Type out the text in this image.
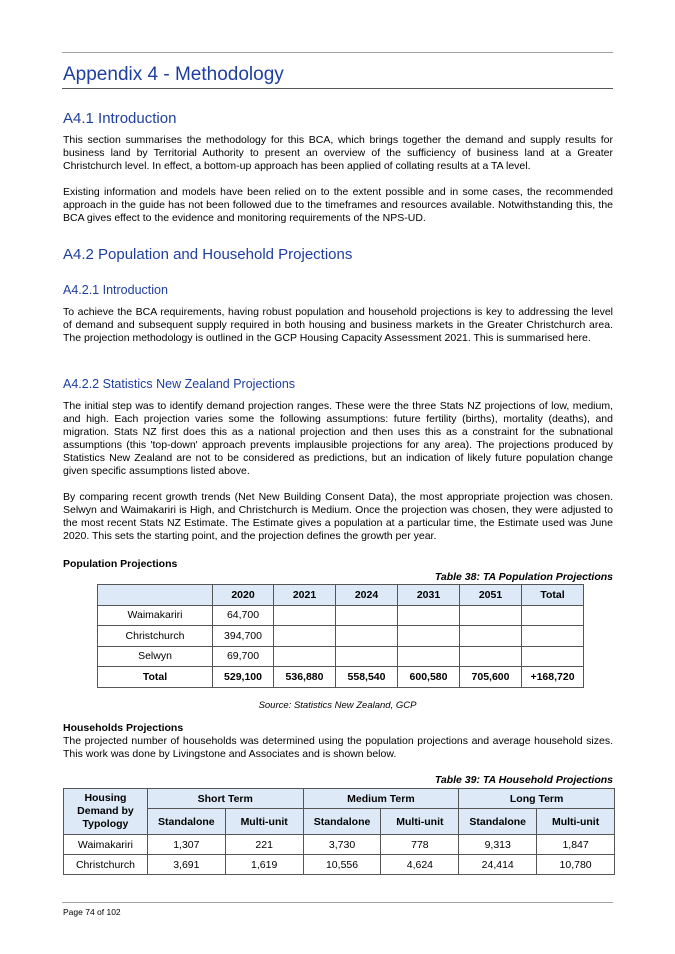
Appendix 4 - Methodology
A4.1 Introduction

This section summarises the methodology for this BCA, which brings together the demand and supply results for business land by Territorial Authority to present an overview of the sufficiency of business land at a Greater Christchurch level. In effect, a bottom-up approach has been applied of collating results at a TA level.

Existing information and models have been relied on to the extent possible and in some cases, the recommended approach in the guide has not been followed due to the timeframes and resources available. Notwithstanding this, the BCA gives effect to the evidence and monitoring requirements of the NPS-UD.

A4.2 Population and Household Projections
A4.2.1 Introduction

To achieve the BCA requirements, having robust population and household projections is key to addressing the level of demand and subsequent supply required in both housing and business markets in the Greater Christchurch area. The projection methodology is outlined in the GCP Housing Capacity Assessment 2021. This is summarised here.

A4.2.2 Statistics New Zealand Projections

The initial step was to identify demand projection ranges. These were the three Stats NZ projections of low, medium, and high. Each projection varies some the following assumptions: future fertility (births), mortality (deaths), and migration. Stats NZ first does this as a national projection and then uses this as a constraint for the subnational assumptions (this 'top-down' approach prevents implausible projections for any area). The projections produced by Statistics New Zealand are not to be considered as predictions, but an indication of likely future population change given specific assumptions listed above.

By comparing recent growth trends (Net New Building Consent Data), the most appropriate projection was chosen. Selwyn and Waimakariri is High, and Christchurch is Medium. Once the projection was chosen, they were adjusted to the most recent Stats NZ Estimate. The Estimate gives a population at a particular time, the Estimate used was June 2020. This sets the starting point, and the projection defines the growth per year.

Population Projections
Table 38: TA Population Projections
	2020	2021	2024	2031	2051	Total
Waimakariri	64,700					
Christchurch	394,700					
Selwyn	69,700					
Total	529,100	536,880	558,540	600,580	705,600	+168,720
Source: Statistics New Zealand, GCP
Households Projections

The projected number of households was determined using the population projections and average household sizes. This work was done by Livingstone and Associates and is shown below.

Table 39: TA Household Projections
Housing Demand by Typology	Short Term		Medium Term		Long Term	
	Standalone	Multi-unit	Standalone	Multi-unit	Standalone	Multi-unit
Waimakariri	1,307	221	3,730	778	9,313	1,847
Christchurch	3,691	1,619	10,556	4,624	24,414	10,780
Page 74 of 102
